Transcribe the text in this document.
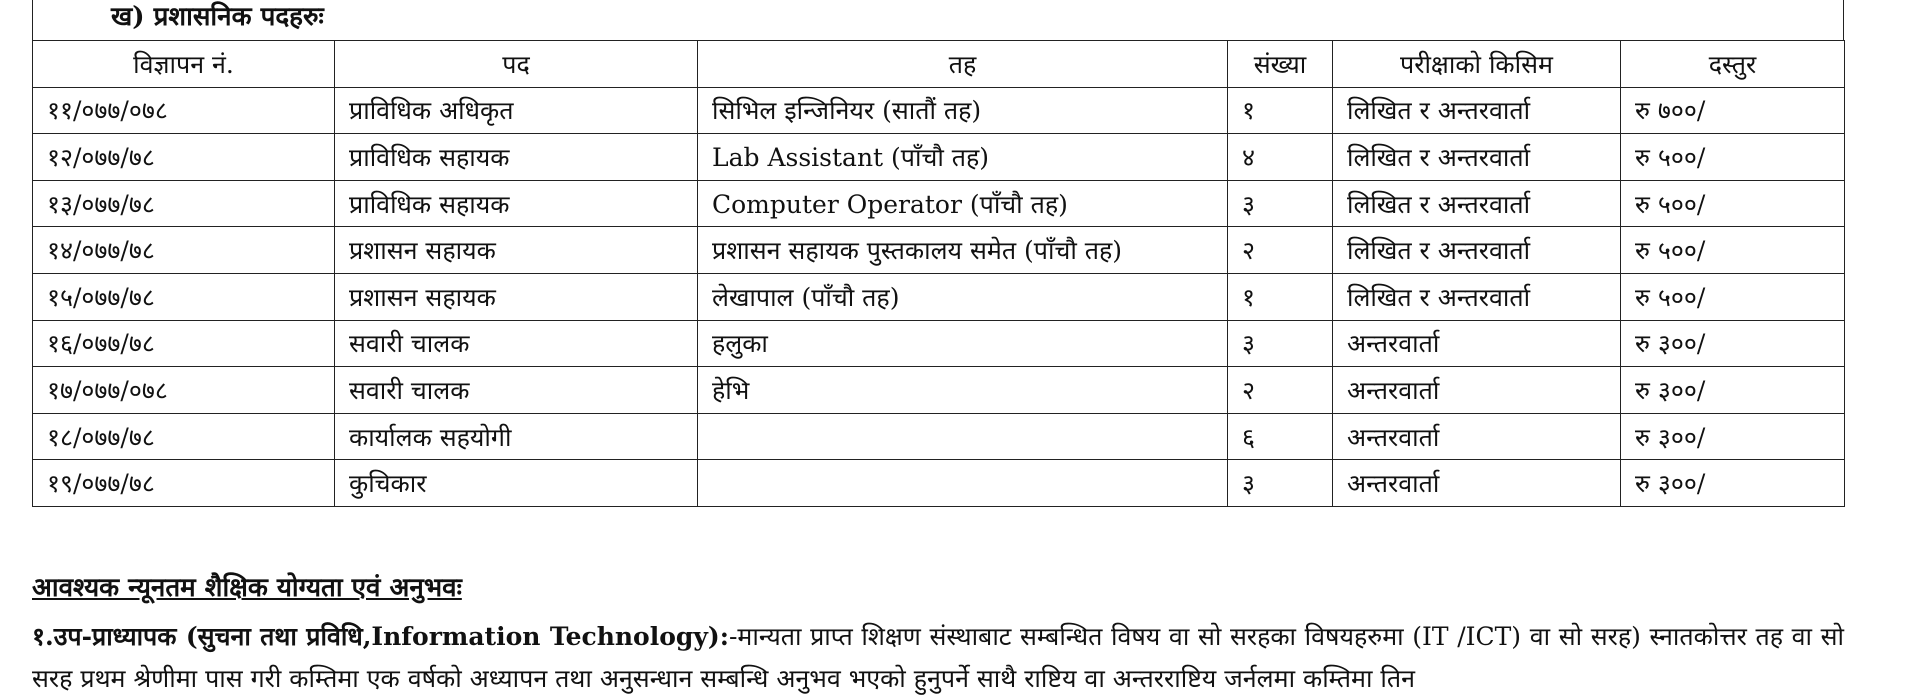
ख) प्रशासनिक पदहरुः
विज्ञापन नं.	पद	तह	संख्या	परीक्षाको किसिम	दस्तुर
११/०७७/०७८	प्राविधिक अधिकृत	सिभिल इन्जिनियर (सातौं तह)	१	लिखित र अन्तरवार्ता	रु ७००/
१२/०७७/७८	प्राविधिक सहायक	Lab Assistant (पाँचौ तह)	४	लिखित र अन्तरवार्ता	रु ५००/
१३/०७७/७८	प्राविधिक सहायक	Computer Operator (पाँचौ तह)	३	लिखित र अन्तरवार्ता	रु ५००/
१४/०७७/७८	प्रशासन सहायक	प्रशासन सहायक पुस्तकालय समेत (पाँचौ तह)	२	लिखित र अन्तरवार्ता	रु ५००/
१५/०७७/७८	प्रशासन सहायक	लेखापाल (पाँचौ तह)	१	लिखित र अन्तरवार्ता	रु ५००/
१६/०७७/७८	सवारी चालक	हलुका	३	अन्तरवार्ता	रु ३००/
१७/०७७/०७८	सवारी चालक	हेभि	२	अन्तरवार्ता	रु ३००/
१८/०७७/७८	कार्यालक सहयोगी		६	अन्तरवार्ता	रु ३००/
१९/०७७/७८	कुचिकार		३	अन्तरवार्ता	रु ३००/
आवश्यक न्यूनतम शैक्षिक योग्यता एवं अनुभवः
१.उप-प्राध्यापक (सुचना तथा प्रविधि,Information Technology):-मान्यता प्राप्त शिक्षण संस्थाबाट सम्बन्धित विषय वा सो सरहका विषयहरुमा (IT /ICT) वा सो सरह) स्नातकोत्तर तह वा सो सरह प्रथम श्रेणीमा पास गरी कम्तिमा एक वर्षको अध्यापन तथा अनुसन्धान सम्बन्धि अनुभव भएको हुनुपर्ने साथै राष्टिय वा अन्तरराष्टिय जर्नलमा कम्तिमा तिन
